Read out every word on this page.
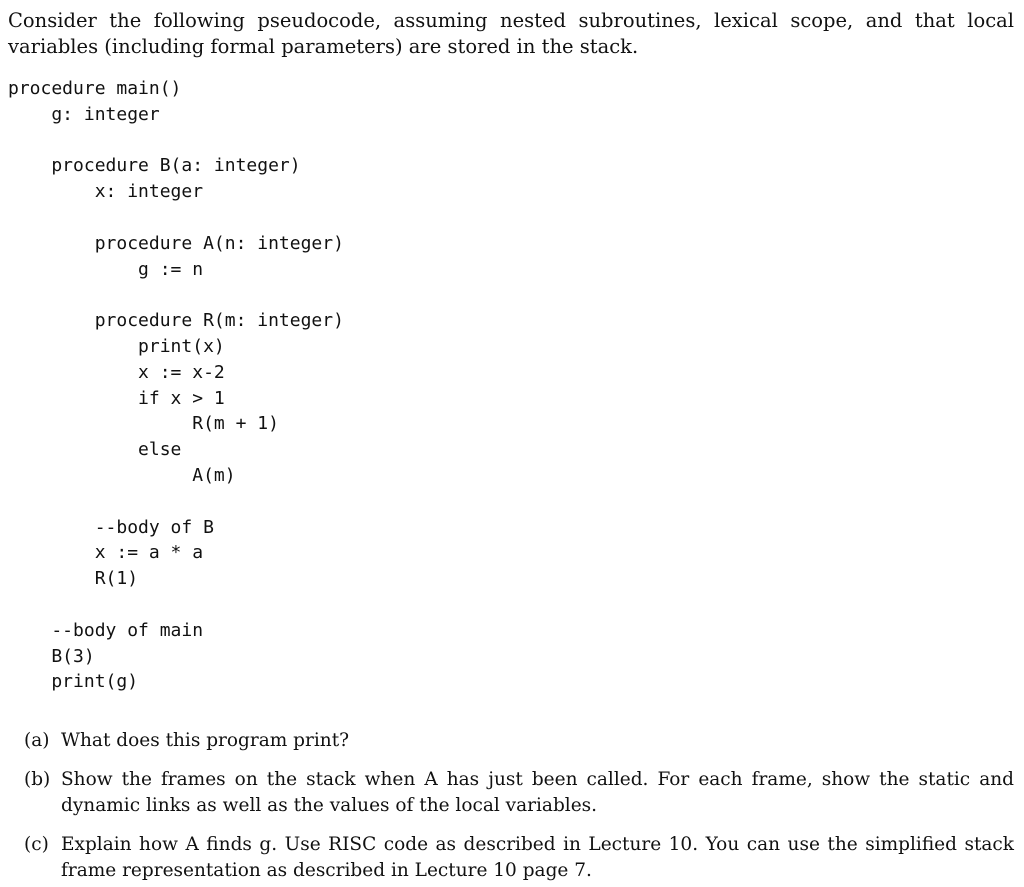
Consider the following pseudocode, assuming nested subroutines, lexical scope, and that local variables (including formal parameters) are stored in the stack.

procedure main()
g: integer
procedure B(a: integer)
x: integer
procedure A(n: integer)
g := n
procedure R(m: integer)
print(x)
x := x-2
if x > 1
R(m + 1)
else
A(m)
--body of B
x := a * a
R(1)
--body of main
B(3)
print(g)
(a) What does this program print?
(b) Show the frames on the stack when A has just been called. For each frame, show the static and dynamic links as well as the values of the local variables.
(c) Explain how A finds g. Use RISC code as described in Lecture 10. You can use the simplified stack frame representation as described in Lecture 10 page 7.
